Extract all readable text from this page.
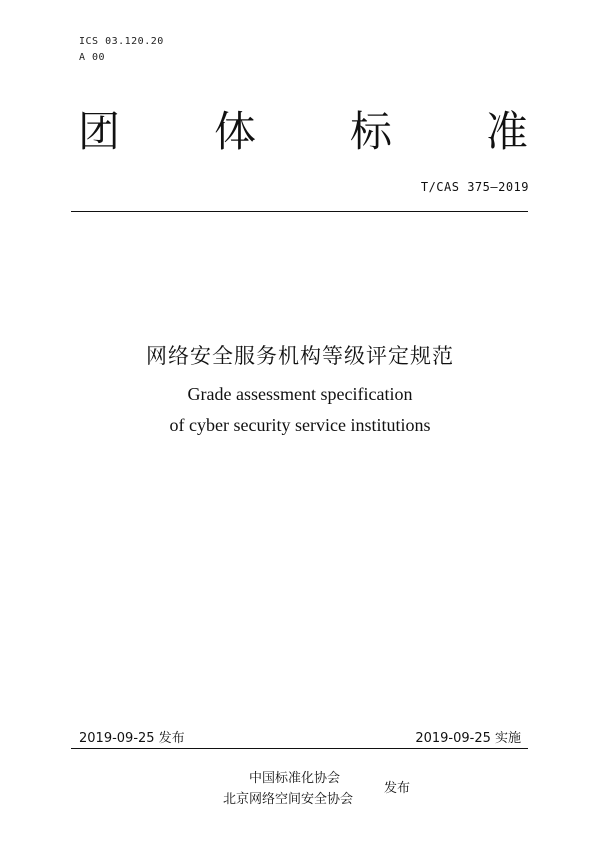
ICS 03.120.20
A 00
团 体 标 准
T/CAS 375—2019
网络安全服务机构等级评定规范
Grade assessment specification
of cyber security service institutions
2019-09-25 发布	2019-09-25 实施
中国标准化协会
北京网络空间安全协会
发布
